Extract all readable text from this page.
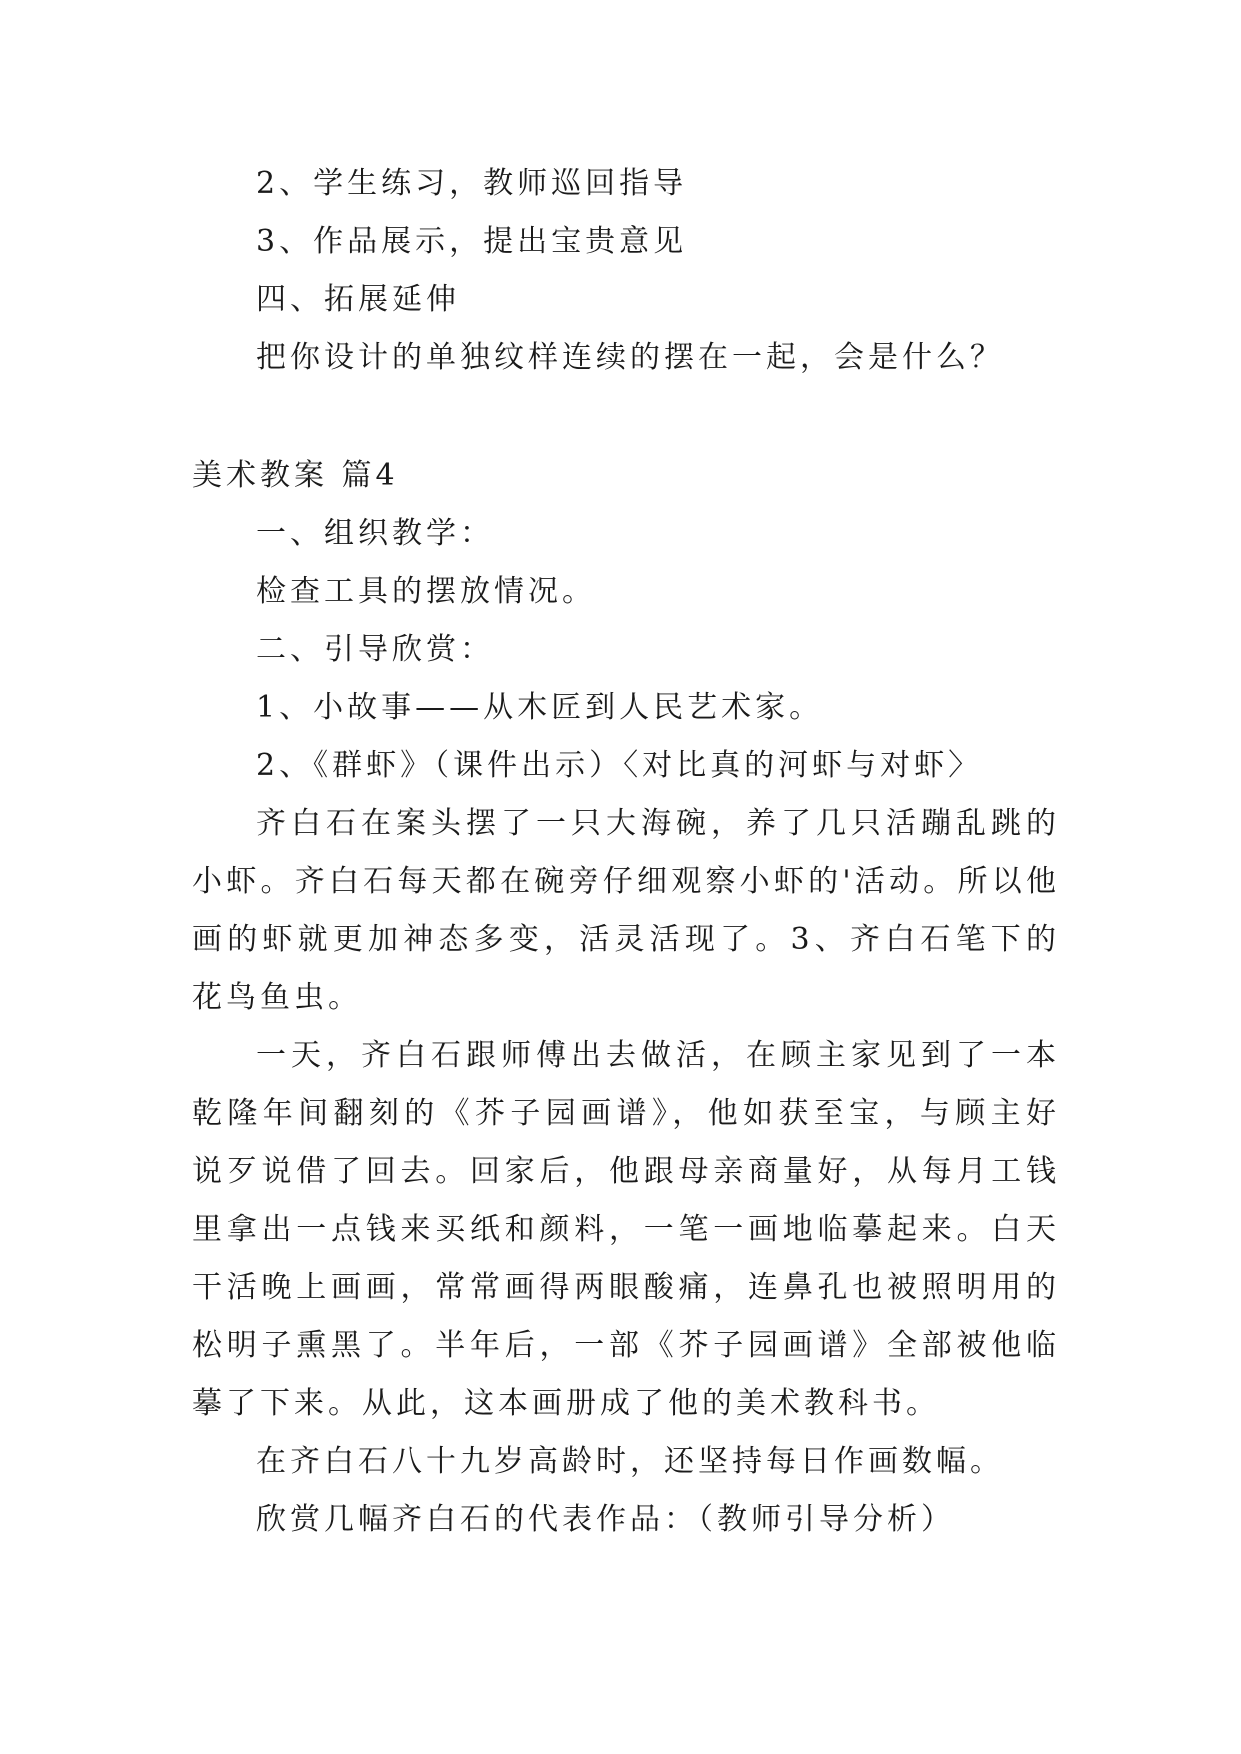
2、学生练习，教师巡回指导
3、作品展示，提出宝贵意见
四、拓展延伸
把你设计的单独纹样连续的摆在一起，会是什么？
美术教案 篇4
一、组织教学：
检查工具的摆放情况。
二、引导欣赏：
1、小故事——从木匠到人民艺术家。
2、《群虾》（课件出示）〈对比真的河虾与对虾〉
齐白石在案头摆了一只大海碗，养了几只活蹦乱跳的小虾。齐白石每天都在碗旁仔细观察小虾的'活动。所以他画的虾就更加神态多变，活灵活现了。3、齐白石笔下的花鸟鱼虫。
一天，齐白石跟师傅出去做活，在顾主家见到了一本乾隆年间翻刻的《芥子园画谱》，他如获至宝，与顾主好说歹说借了回去。回家后，他跟母亲商量好，从每月工钱里拿出一点钱来买纸和颜料，一笔一画地临摹起来。白天干活晚上画画，常常画得两眼酸痛，连鼻孔也被照明用的松明子熏黑了。半年后，一部《芥子园画谱》全部被他临摹了下来。从此，这本画册成了他的美术教科书。
在齐白石八十九岁高龄时，还坚持每日作画数幅。
欣赏几幅齐白石的代表作品：（教师引导分析）
